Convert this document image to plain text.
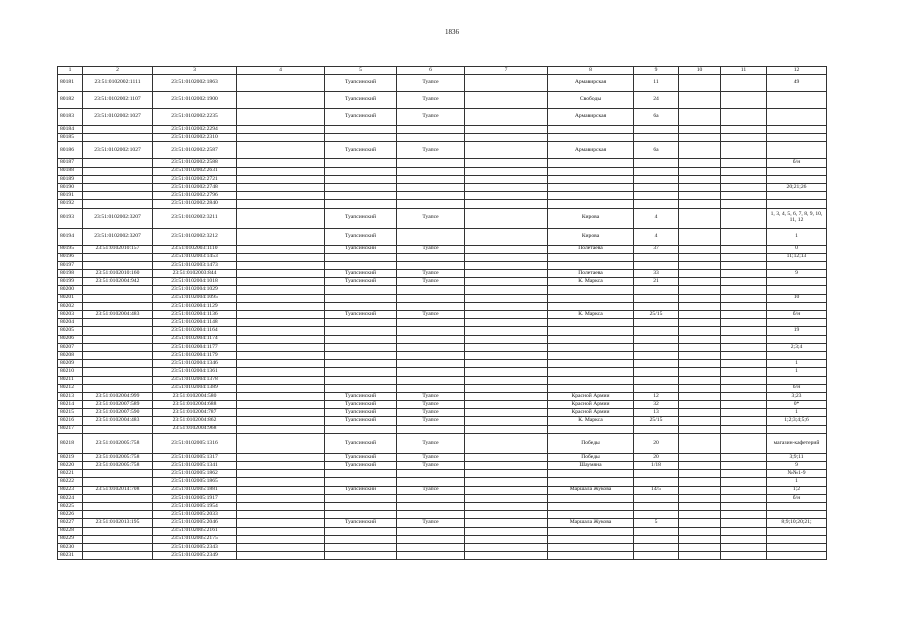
1836
1	2	3	4	5	6	7	8	9	10	11	12
80181	23:51:0102002:1111	23:51:0102002:1863		Туапсинский	Туапсе		Армавирская	11			49
80182	23:51:0102002:1107	23:51:0102002:1900		Туапсинский	Туапсе		Свободы	24			
80183	23:51:0102002:1027	23:51:0102002:2235		Туапсинский	Туапсе		Армавирская	6а			
80184		23:51:0102002:2294									
80185		23:51:0102002:2310									
80186	23:51:0102002:1027	23:51:0102002:2587		Туапсинский	Туапсе		Армавирская	6а			
80187		23:51:0102002:2588									б/н
80188		23:51:0102002:2631									
80189		23:51:0102002:2721									
80190		23:51:0102002:2748									20;21;26
80191		23:51:0102002:2796									
80192		23:51:0102002:2840									
80193	23:51:0102002:3207	23:51:0102002:3211		Туапсинский	Туапсе		Кирова	4			1, 3, 4, 5, 6, 7, 8, 9, 10, 11, 12
80194	23:51:0102002:3207	23:51:0102002:3212		Туапсинский			Кирова	4			1
80195	23:51:0102010:157	23:51:0102003:1110		Туапсинский	Туапсе		Полетаева	37			0
80196		23:51:0102003:1453									11;12;13
80197		23:51:0102003:1473									
80198	23:51:0102010:160	23:51:0102003:844		Туапсинский	Туапсе		Полетаева	33			9
80199	23:51:0102004:942	23:51:0102004:1018		Туапсинский	Туапсе		К. Маркса	21			
80200		23:51:0102004:1029									
80201		23:51:0102004:1095									10
80202		23:51:0102004:1129									
80203	23:51:0102004:483	23:51:0102004:1136		Туапсинский	Туапсе		К. Маркса	25/15			б/н
80204		23:51:0102004:1148									
80205		23:51:0102004:1164									19
80206		23:51:0102004:1174									
80207		23:51:0102004:1177									2;3;4
80208		23:51:0102004:1179									
80209		23:51:0102004:1346									1
80210		23:51:0102004:1361									1
80211		23:51:0102004:1378									
80212		23:51:0102004:1389									б/н
80213	23:51:0102004:999	23:51:0102004:580		Туапсинский	Туапсе		Красной Армии	12			3;23
80214	23:51:0102007:589	23:51:0102004:688		Туапсинский	Туапсе		Красной Армии	32			0*
80215	23:51:0102007:590	23:51:0102004:787		Туапсинский	Туапсе		Красной Армии	13			1
80216	23:51:0102004:483	23:51:0102004:862		Туапсинский	Туапсе		К. Маркса	25/15			1;2;3;4;5;6
80217		23:51:0102004:968									
80218	23:51:0102005:758	23:51:0102005:1316		Туапсинский	Туапсе		Победы	20			магазин-кафетерий
80219	23:51:0102005:758	23:51:0102005:1317		Туапсинский	Туапсе		Победы	20			3;9;11
80220	23:51:0102005:758	23:51:0102005:1341		Туапсинский	Туапсе		Шаумяна	1/18			9
80221		23:51:0102005:1862									№№1-9
80222		23:51:0102005:1865									1
80223	23:51:0102014:708	23:51:0102005:1881		Туапсинский	Туапсе		Маршала Жукова	14/5			1;2
80224		23:51:0102005:1917									б/н
80225		23:51:0102005:1954									
80226		23:51:0102005:2033									
80227	23:51:0102013:195	23:51:0102005:2046		Туапсинский	Туапсе		Маршала Жукова	5			8;9;10;20;21;
80228		23:51:0102005:2161									
80229		23:51:0102005:2175									
80230		23:51:0102005:2343									
80231		23:51:0102005:2349									
